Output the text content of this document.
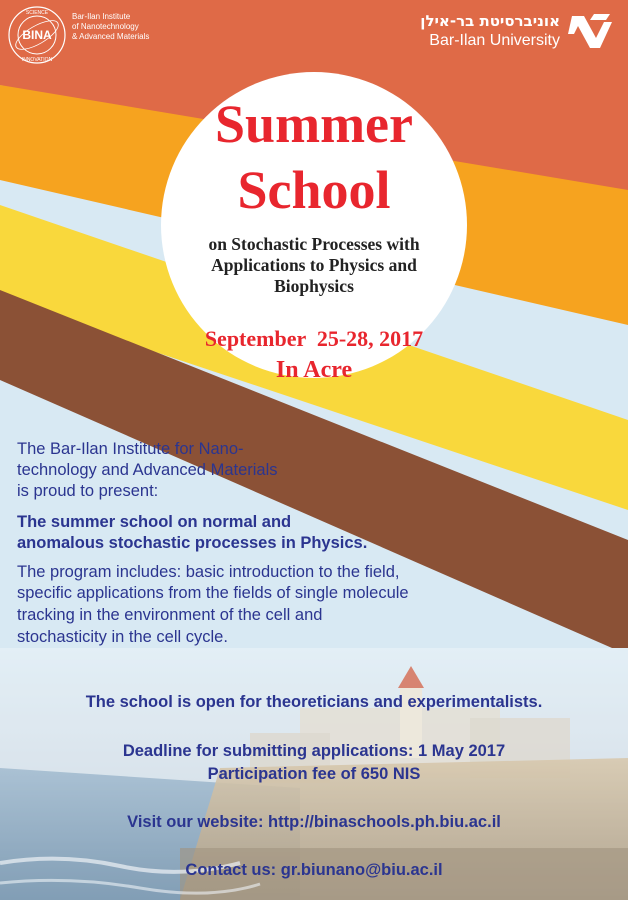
BINA
SCIENCE
INNOVATION
Bar-Ilan Institute
of Nanotechnology
& Advanced Materials
אוניברסיטת בר-אילן
Bar-Ilan University
Summer
School
on Stochastic Processes with
Applications to Physics and
Biophysics
September  25-28, 2017
In Acre
The Bar-Ilan Institute for Nano-
technology and Advanced Materials
is proud to present:
The summer school on normal and
anomalous stochastic processes in Physics.
The program includes: basic introduction to the field,
specific applications from the fields of single molecule
tracking in the environment of the cell and
stochasticity in the cell cycle.
The school is open for theoreticians and experimentalists.
Deadline for submitting applications: 1 May 2017
Participation fee of 650 NIS
Visit our website: http://binaschools.ph.biu.ac.il
Contact us: gr.biunano@biu.ac.il
